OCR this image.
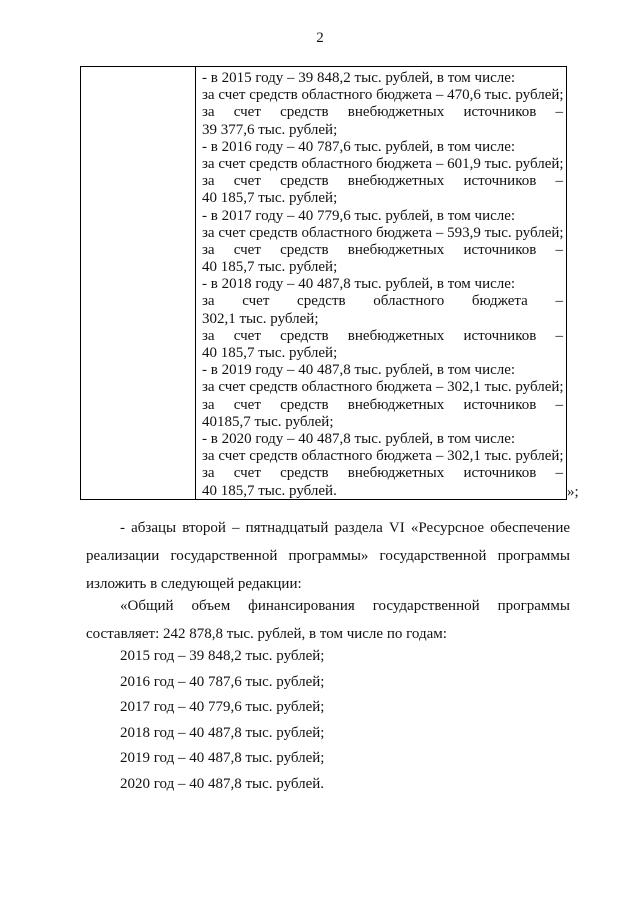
2
- в 2015 году – 39 848,2 тыс. рублей, в том числе:
за счет средств областного бюджета – 470,6 тыс. рублей;
за счет средств внебюджетных источников –
39 377,6 тыс. рублей;
- в 2016 году – 40 787,6 тыс. рублей, в том числе:
за счет средств областного бюджета – 601,9 тыс. рублей;
за счет средств внебюджетных источников –
40 185,7 тыс. рублей;
- в 2017 году – 40 779,6 тыс. рублей, в том числе:
за счет средств областного бюджета – 593,9 тыс. рублей;
за счет средств внебюджетных источников –
40 185,7 тыс. рублей;
- в 2018 году – 40 487,8 тыс. рублей, в том числе:
за счет средств областного бюджета –
302,1 тыс. рублей;
за счет средств внебюджетных источников –
40 185,7 тыс. рублей;
- в 2019 году – 40 487,8 тыс. рублей, в том числе:
за счет средств областного бюджета – 302,1 тыс. рублей;
за счет средств внебюджетных источников –
40185,7 тыс. рублей;
- в 2020 году – 40 487,8 тыс. рублей, в том числе:
за счет средств областного бюджета – 302,1 тыс. рублей;
за счет средств внебюджетных источников –
40 185,7 тыс. рублей.	»;
- абзацы второй – пятнадцатый раздела VI «Ресурсное обеспечение
реализации государственной программы» государственной программы
изложить в следующей редакции:
«Общий объем финансирования государственной программы
составляет: 242 878,8 тыс. рублей, в том числе по годам:
2015 год – 39 848,2 тыс. рублей;
2016 год – 40 787,6 тыс. рублей;
2017 год – 40 779,6 тыс. рублей;
2018 год – 40 487,8 тыс. рублей;
2019 год – 40 487,8 тыс. рублей;
2020 год – 40 487,8 тыс. рублей.
